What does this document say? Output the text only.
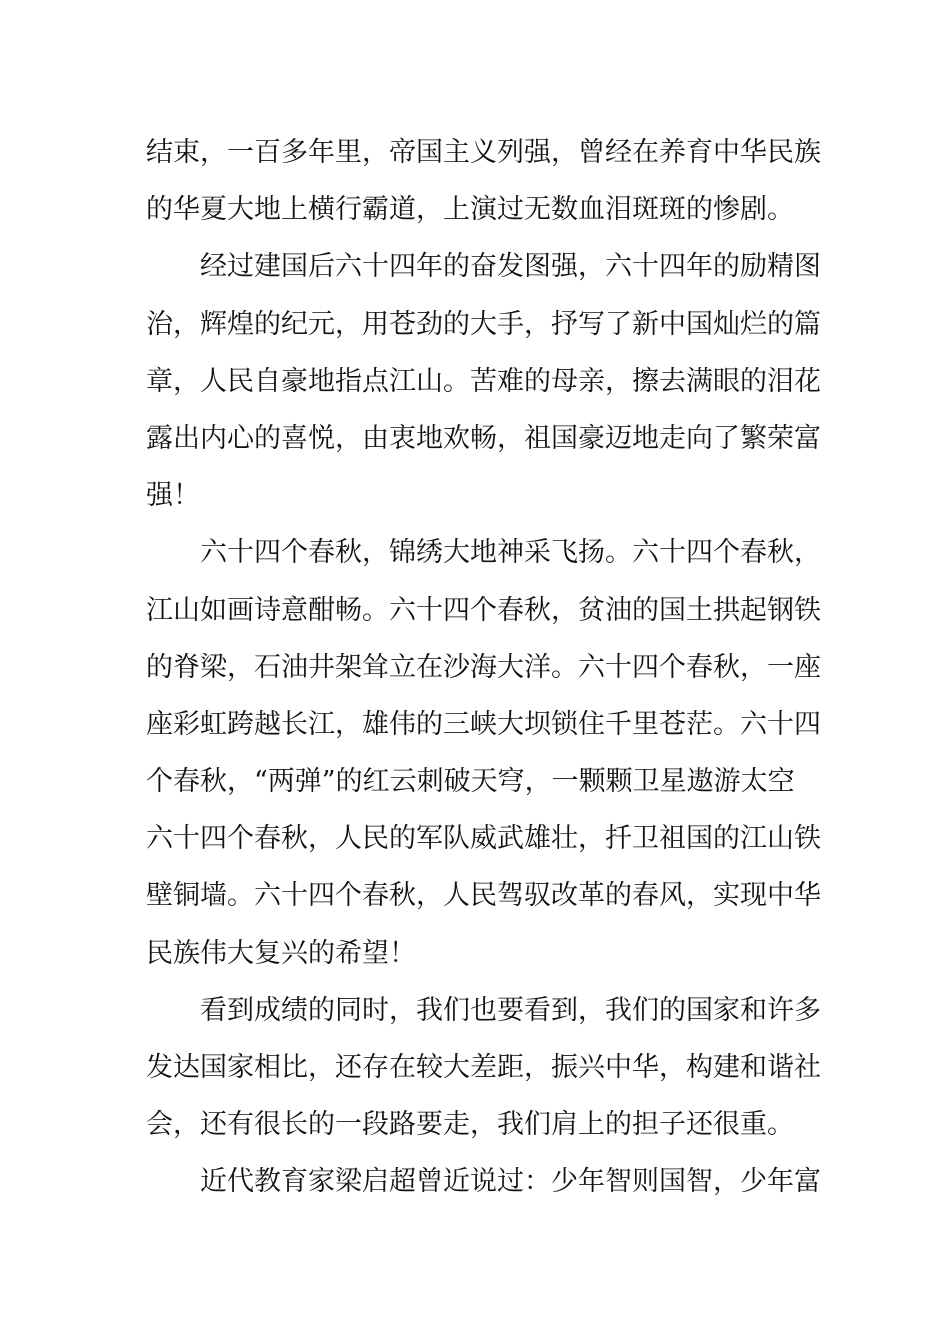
结束，一百多年里，帝国主义列强，曾经在养育中华民族
的华夏大地上横行霸道，上演过无数血泪斑斑的惨剧。
经过建国后六十四年的奋发图强，六十四年的励精图
治，辉煌的纪元，用苍劲的大手，抒写了新中国灿烂的篇
章，人民自豪地指点江山。苦难的母亲，擦去满眼的泪花
露出内心的喜悦，由衷地欢畅，祖国豪迈地走向了繁荣富
强！
六十四个春秋，锦绣大地神采飞扬。六十四个春秋，
江山如画诗意酣畅。六十四个春秋，贫油的国土拱起钢铁
的脊梁，石油井架耸立在沙海大洋。六十四个春秋，一座
座彩虹跨越长江，雄伟的三峡大坝锁住千里苍茫。六十四
个春秋，“两弹”的红云刺破天穹，一颗颗卫星遨游太空
六十四个春秋，人民的军队威武雄壮，扦卫祖国的江山铁
壁铜墙。六十四个春秋，人民驾驭改革的春风，实现中华
民族伟大复兴的希望！
看到成绩的同时，我们也要看到，我们的国家和许多
发达国家相比，还存在较大差距，振兴中华，构建和谐社
会，还有很长的一段路要走，我们肩上的担子还很重。
近代教育家梁启超曾近说过：少年智则国智，少年富
